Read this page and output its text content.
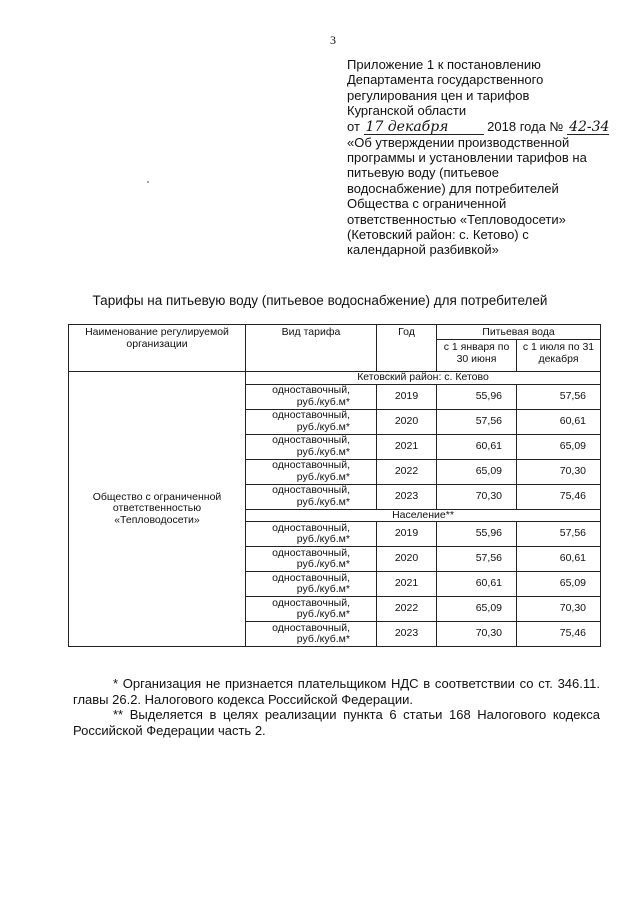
3
Приложение 1 к постановлению
Департамента государственного
регулирования цен и тарифов
Курганской области
от 17 декабря	2018 года № 42-34
«Об утверждении производственной
программы и установлении тарифов на
питьевую воду (питьевое
водоснабжение) для потребителей
Общества с ограниченной
ответственностью «Тепловодосети»
(Кетовский район: с. Кетово) с
календарной разбивкой»
Тарифы на питьевую воду (питьевое водоснабжение) для потребителей
Наименование регулируемой организации	Вид тарифа	Год	Питьевая вода	
			с 1 января по 30 июня	с 1 июля по 31 декабря
Общество с ограниченной ответственностью «Тепловодосети»	Кетовский район: с. Кетово			
	одноставочный, руб./куб.м*	2019	55,96	57,56
	одноставочный, руб./куб.м*	2020	57,56	60,61
	одноставочный, руб./куб.м*	2021	60,61	65,09
	одноставочный, руб./куб.м*	2022	65,09	70,30
	одноставочный, руб./куб.м*	2023	70,30	75,46
	Население**			
	одноставочный, руб./куб.м*	2019	55,96	57,56
	одноставочный, руб./куб.м*	2020	57,56	60,61
	одноставочный, руб./куб.м*	2021	60,61	65,09
	одноставочный, руб./куб.м*	2022	65,09	70,30
	одноставочный, руб./куб.м*	2023	70,30	75,46

* Организация не признается плательщиком НДС в соответствии со ст. 346.11. главы 26.2. Налогового кодекса Российской Федерации.

** Выделяется в целях реализации пункта 6 статьи 168 Налогового кодекса Российской Федерации часть 2.
